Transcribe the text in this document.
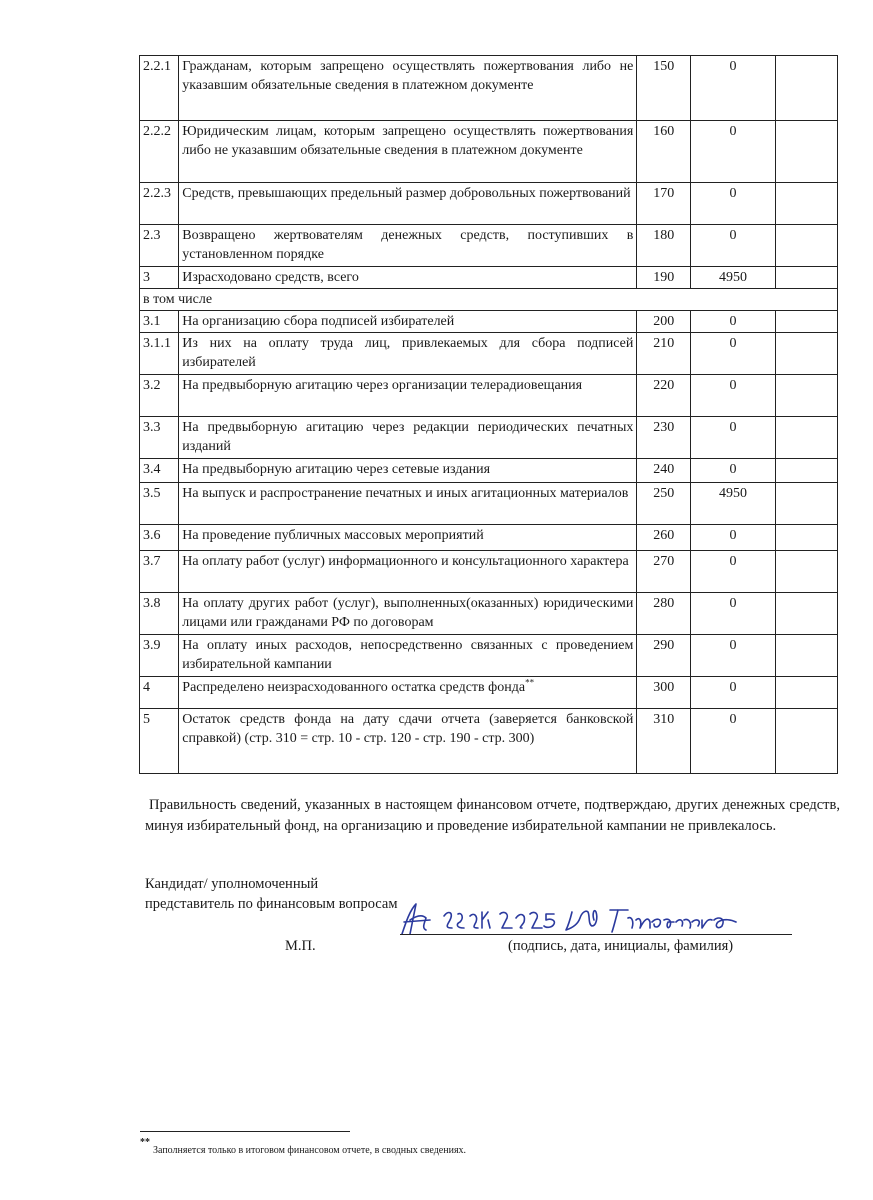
2.2.1	Гражданам, которым запрещено осуществлять пожертвования либо не указавшим обязательные сведения в платежном документе	150	0	
2.2.2	Юридическим лицам, которым запрещено осуществлять пожертвования либо не указавшим обязательные сведения в платежном документе	160	0	
2.2.3	Средств, превышающих предельный размер добровольных пожертвований	170	0	
2.3	Возвращено жертвователям денежных средств, поступивших в установленном порядке	180	0	
3	Израсходовано средств, всего	190	4950	
в том числе				
3.1	На организацию сбора подписей избирателей	200	0	
3.1.1	Из них на оплату труда лиц, привлекаемых для сбора подписей избирателей	210	0	
3.2	На предвыборную агитацию через организации телерадиовещания	220	0	
3.3	На предвыборную агитацию через редакции периодических печатных изданий	230	0	
3.4	На предвыборную агитацию через сетевые издания	240	0	
3.5	На выпуск и распространение печатных и иных агитационных материалов	250	4950	
3.6	На проведение публичных массовых мероприятий	260	0	
3.7	На оплату работ (услуг) информационного и консультационного характера	270	0	
3.8	На оплату других работ (услуг), выполненных(оказанных) юридическими лицами или гражданами РФ по договорам	280	0	
3.9	На оплату иных расходов, непосредственно связанных с проведением избирательной кампании	290	0	
4	Распределено неизрасходованного остатка средств фонда**	300	0	
5	Остаток средств фонда на дату сдачи отчета (заверяется банковской справкой) (стр. 310 = стр. 10 - стр. 120 - стр. 190 - стр. 300)	310	0	
Правильность сведений, указанных в настоящем финансовом отчете, подтверждаю, других денежных средств, минуя избирательный фонд, на организацию и проведение избирательной кампании не привлекалось.
Кандидат/ уполномоченный
представитель по финансовым вопросам
М.П.	(подпись, дата, инициалы, фамилия)
**
Заполняется только в итоговом финансовом отчете, в сводных сведениях.
